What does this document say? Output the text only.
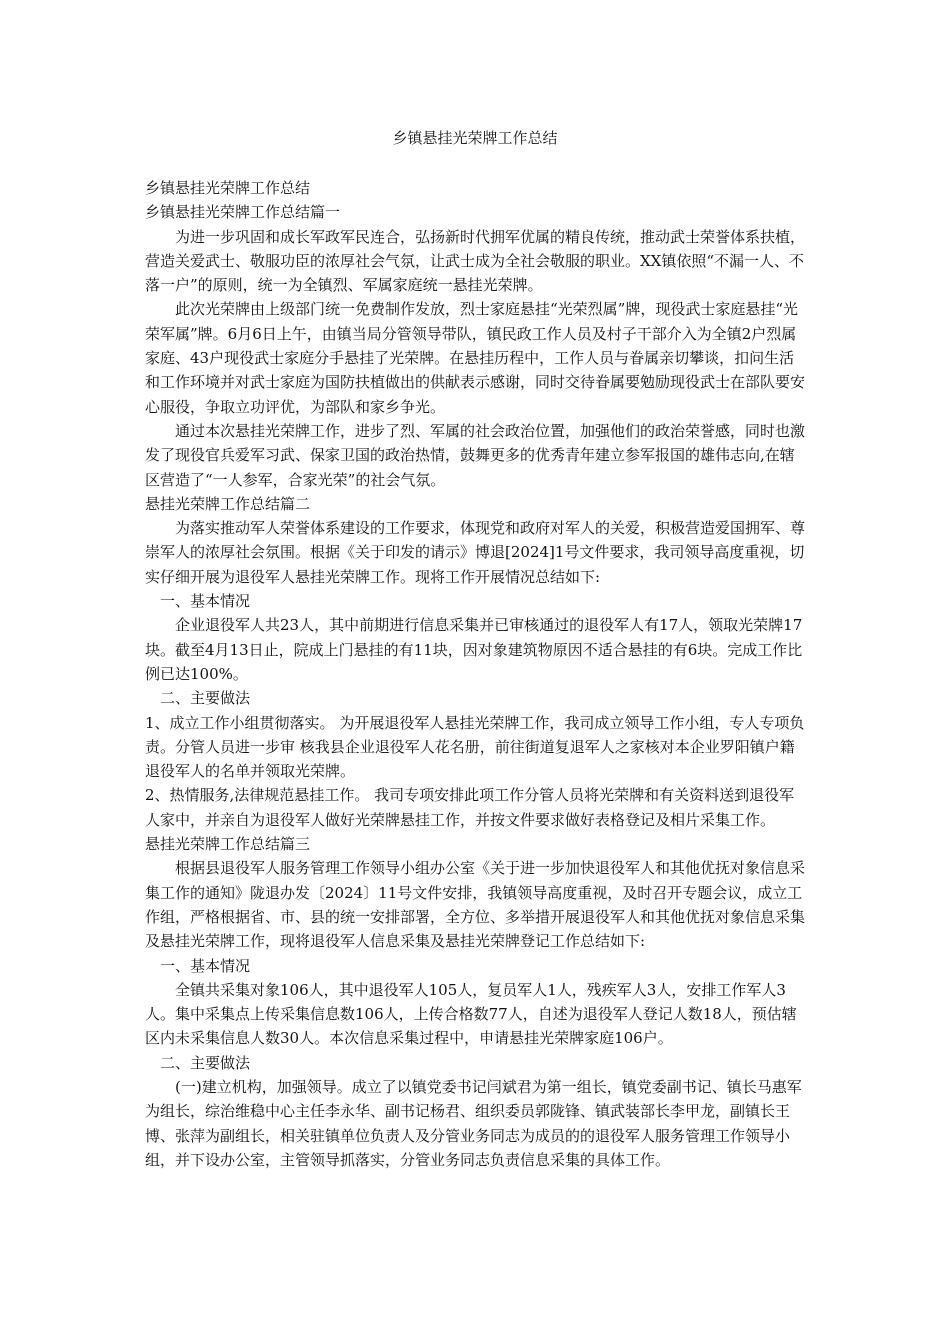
乡镇悬挂光荣牌工作总结

乡镇悬挂光荣牌工作总结

乡镇悬挂光荣牌工作总结篇一

为进一步巩固和成长军政军民连合，弘扬新时代拥军优属的精良传统，推动武士荣誉体系扶植，营造关爱武士、敬服功臣的浓厚社会气氛，让武士成为全社会敬服的职业。XX镇依照“不漏一人、不落一户”的原则，统一为全镇烈、军属家庭统一悬挂光荣牌。

此次光荣牌由上级部门统一免费制作发放，烈士家庭悬挂“光荣烈属”牌，现役武士家庭悬挂“光荣军属”牌。6月6日上午，由镇当局分管领导带队，镇民政工作人员及村子干部介入为全镇2户烈属家庭、43户现役武士家庭分手悬挂了光荣牌。在悬挂历程中，工作人员与眷属亲切攀谈，扣问生活和工作环境并对武士家庭为国防扶植做出的供献表示感谢，同时交待眷属要勉励现役武士在部队要安心服役，争取立功评优，为部队和家乡争光。

通过本次悬挂光荣牌工作，进步了烈、军属的社会政治位置，加强他们的政治荣誉感，同时也激发了现役官兵爱军习武、保家卫国的政治热情，鼓舞更多的优秀青年建立参军报国的雄伟志向,在辖区营造了“一人参军，合家光荣”的社会气氛。

悬挂光荣牌工作总结篇二

为落实推动军人荣誉体系建设的工作要求，体现党和政府对军人的关爱，积极营造爱国拥军、尊崇军人的浓厚社会氛围。根据《关于印发的请示》博退[2024]1号文件要求，我司领导高度重视，切实仔细开展为退役军人悬挂光荣牌工作。现将工作开展情况总结如下:

一、基本情况

企业退役军人共23人，其中前期进行信息采集并已审核通过的退役军人有17人，领取光荣牌17块。截至4月13日止，院成上门悬挂的有11块，因对象建筑物原因不适合悬挂的有6块。完成工作比例已达100%。

二、主要做法

1、成立工作小组贯彻落实。 为开展退役军人悬挂光荣牌工作，我司成立领导工作小组，专人专项负责。分管人员进一步审 核我县企业退役军人花名册，前往街道复退军人之家核对本企业罗阳镇户籍退役军人的名单并领取光荣牌。

2、热情服务,法律规范悬挂工作。 我司专项安排此项工作分管人员将光荣牌和有关资料送到退役军人家中，并亲自为退役军人做好光荣牌悬挂工作，并按文件要求做好表格登记及相片采集工作。

悬挂光荣牌工作总结篇三

根据县退役军人服务管理工作领导小组办公室《关于进一步加快退役军人和其他优抚对象信息采集工作的通知》陇退办发〔2024〕11号文件安排，我镇领导高度重视，及时召开专题会议，成立工作组，严格根据省、市、县的统一安排部署，全方位、多举措开展退役军人和其他优抚对象信息采集及悬挂光荣牌工作，现将退役军人信息采集及悬挂光荣牌登记工作总结如下:

一、基本情况

全镇共采集对象106人，其中退役军人105人，复员军人1人，残疾军人3人，安排工作军人3人。集中采集点上传采集信息数106人，上传合格数77人，自述为退役军人登记人数18人，预估辖区内未采集信息人数30人。本次信息采集过程中，申请悬挂光荣牌家庭106户。

二、主要做法

(一)建立机构，加强领导。成立了以镇党委书记闫斌君为第一组长，镇党委副书记、镇长马惠军为组长，综治维稳中心主任李永华、副书记杨君、组织委员郭陇锋、镇武装部长李甲龙，副镇长王博、张萍为副组长，相关驻镇单位负责人及分管业务同志为成员的的退役军人服务管理工作领导小组，并下设办公室，主管领导抓落实，分管业务同志负责信息采集的具体工作。
